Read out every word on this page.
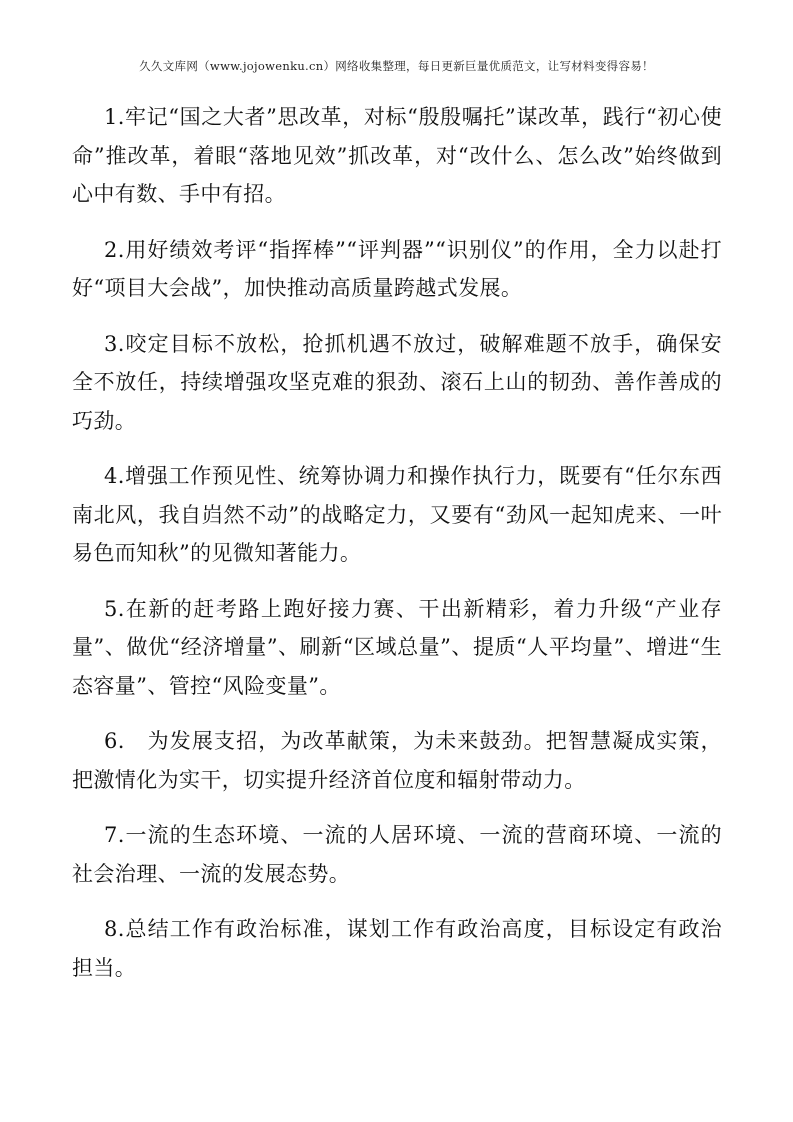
久久文库网（www.jojowenku.cn）网络收集整理，每日更新巨量优质范文，让写材料变得容易！

1.牢记“国之大者”思改革，对标“殷殷嘱托”谋改革，践行“初心使命”推改革，着眼“落地见效”抓改革，对“改什么、怎么改”始终做到心中有数、手中有招。

2.用好绩效考评“指挥棒”“评判器”“识别仪”的作用，全力以赴打好“项目大会战”，加快推动高质量跨越式发展。

3.咬定目标不放松，抢抓机遇不放过，破解难题不放手，确保安全不放任，持续增强攻坚克难的狠劲、滚石上山的韧劲、善作善成的巧劲。

4.增强工作预见性、统筹协调力和操作执行力，既要有“任尔东西南北风，我自岿然不动”的战略定力，又要有“劲风一起知虎来、一叶易色而知秋”的见微知著能力。

5.在新的赶考路上跑好接力赛、干出新精彩，着力升级“产业存量”、做优“经济增量”、刷新“区域总量”、提质“人平均量”、增进“生态容量”、管控“风险变量”。

6.　为发展支招，为改革献策，为未来鼓劲。把智慧凝成实策，把激情化为实干，切实提升经济首位度和辐射带动力。

7.一流的生态环境、一流的人居环境、一流的营商环境、一流的社会治理、一流的发展态势。

8.总结工作有政治标准，谋划工作有政治高度，目标设定有政治担当。
